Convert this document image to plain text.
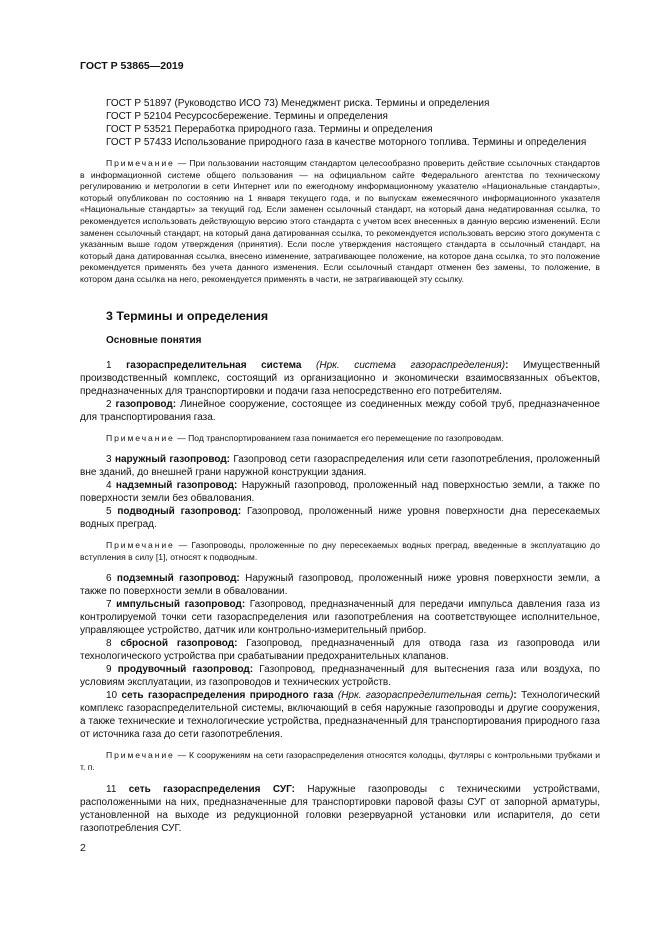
ГОСТ Р 53865—2019

ГОСТ Р 51897 (Руководство ИСО 73) Менеджмент риска. Термины и определения

ГОСТ Р 52104 Ресурсосбережение. Термины и определения

ГОСТ Р 53521 Переработка природного газа. Термины и определения

ГОСТ Р 57433 Использование природного газа в качестве моторного топлива. Термины и определения

Примечание — При пользовании настоящим стандартом целесообразно проверить действие ссылочных стандартов в информационной системе общего пользования — на официальном сайте Федерального агентства по техническому регулированию и метрологии в сети Интернет или по ежегодному информационному указателю «Национальные стандарты», который опубликован по состоянию на 1 января текущего года, и по выпускам ежемесячного информационного указателя «Национальные стандарты» за текущий год. Если заменен ссылочный стандарт, на который дана недатированная ссылка, то рекомендуется использовать действующую версию этого стандарта с учетом всех внесенных в данную версию изменений. Если заменен ссылочный стандарт, на который дана датированная ссылка, то рекомендуется использовать версию этого документа с указанным выше годом утверждения (принятия). Если после утверждения настоящего стандарта в ссылочный стандарт, на который дана датированная ссылка, внесено изменение, затрагивающее положение, на которое дана ссылка, то это положение рекомендуется применять без учета данного изменения. Если ссылочный стандарт отменен без замены, то положение, в котором дана ссылка на него, рекомендуется применять в части, не затрагивающей эту ссылку.

3 Термины и определения
Основные понятия

1 газораспределительная система (Нрк. система газораспределения): Имущественный производственный комплекс, состоящий из организационно и экономически взаимосвязанных объектов, предназначенных для транспортировки и подачи газа непосредственно его потребителям.

2 газопровод: Линейное сооружение, состоящее из соединенных между собой труб, предназначенное для транспортирования газа.

Примечание — Под транспортированием газа понимается его перемещение по газопроводам.

3 наружный газопровод: Газопровод сети газораспределения или сети газопотребления, проложенный вне зданий, до внешней грани наружной конструкции здания.

4 надземный газопровод: Наружный газопровод, проложенный над поверхностью земли, а также по поверхности земли без обвалования.

5 подводный газопровод: Газопровод, проложенный ниже уровня поверхности дна пересекаемых водных преград.

Примечание — Газопроводы, проложенные по дну пересекаемых водных преград, введенные в эксплуатацию до вступления в силу [1], относят к подводным.

6 подземный газопровод: Наружный газопровод, проложенный ниже уровня поверхности земли, а также по поверхности земли в обваловании.

7 импульсный газопровод: Газопровод, предназначенный для передачи импульса давления газа из контролируемой точки сети газораспределения или газопотребления на соответствующее исполнительное, управляющее устройство, датчик или контрольно-измерительный прибор.

8 сбросной газопровод: Газопровод, предназначенный для отвода газа из газопровода или технологического устройства при срабатывании предохранительных клапанов.

9 продувочный газопровод: Газопровод, предназначенный для вытеснения газа или воздуха, по условиям эксплуатации, из газопроводов и технических устройств.

10 сеть газораспределения природного газа (Нрк. газораспределительная сеть): Технологический комплекс газораспределительной системы, включающий в себя наружные газопроводы и другие сооружения, а также технические и технологические устройства, предназначенный для транспортирования природного газа от источника газа до сети газопотребления.

Примечание — К сооружениям на сети газораспределения относятся колодцы, футляры с контрольными трубками и т. п.

11 сеть газораспределения СУГ: Наружные газопроводы с техническими устройствами, расположенными на них, предназначенные для транспортировки паровой фазы СУГ от запорной арматуры, установленной на выходе из редукционной головки резервуарной установки или испарителя, до сети газопотребления СУГ.

2
